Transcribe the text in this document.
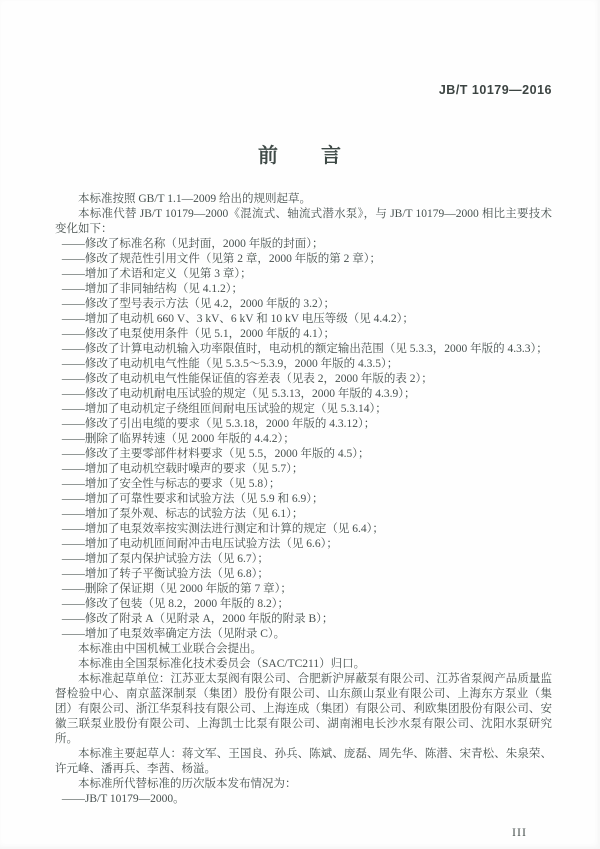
JB/T 10179—2016
前　　言

本标准按照 GB/T 1.1—2009 给出的规则起草。

本标准代替 JB/T 10179—2000《混流式、轴流式潜水泵》，与 JB/T 10179—2000 相比主要技术变化如下：

——修改了标准名称（见封面，2000 年版的封面）；

——修改了规范性引用文件（见第 2 章，2000 年版的第 2 章）；

——增加了术语和定义（见第 3 章）；

——增加了非同轴结构（见 4.1.2）；

——修改了型号表示方法（见 4.2，2000 年版的 3.2）；

——增加了电动机 660 V、3 kV、6 kV 和 10 kV 电压等级（见 4.4.2）；

——修改了电泵使用条件（见 5.1，2000 年版的 4.1）；

——修改了计算电动机输入功率限值时，电动机的额定输出范围（见 5.3.3，2000 年版的 4.3.3）；

——修改了电动机电气性能（见 5.3.5～5.3.9，2000 年版的 4.3.5）；

——修改了电动机电气性能保证值的容差表（见表 2，2000 年版的表 2）；

——修改了电动机耐电压试验的规定（见 5.3.13，2000 年版的 4.3.9）；

——增加了电动机定子绕组匝间耐电压试验的规定（见 5.3.14）；

——修改了引出电缆的要求（见 5.3.18，2000 年版的 4.3.12）；

——删除了临界转速（见 2000 年版的 4.4.2）；

——修改了主要零部件材料要求（见 5.5，2000 年版的 4.5）；

——增加了电动机空载时噪声的要求（见 5.7）；

——增加了安全性与标志的要求（见 5.8）；

——增加了可靠性要求和试验方法（见 5.9 和 6.9）；

——增加了泵外观、标志的试验方法（见 6.1）；

——增加了电泵效率按实测法进行测定和计算的规定（见 6.4）；

——增加了电动机匝间耐冲击电压试验方法（见 6.6）；

——增加了泵内保护试验方法（见 6.7）；

——增加了转子平衡试验方法（见 6.8）；

——删除了保证期（见 2000 年版的第 7 章）；

——修改了包装（见 8.2，2000 年版的 8.2）；

——修改了附录 A（见附录 A，2000 年版的附录 B）；

——增加了电泵效率确定方法（见附录 C）。

本标准由中国机械工业联合会提出。

本标准由全国泵标准化技术委员会（SAC/TC211）归口。

本标准起草单位：江苏亚太泵阀有限公司、合肥新沪屏蔽泵有限公司、江苏省泵阀产品质量监督检验中心、南京蓝深制泵（集团）股份有限公司、山东颜山泵业有限公司、上海东方泵业（集团）有限公司、浙江华泵科技有限公司、上海连成（集团）有限公司、利欧集团股份有限公司、安徽三联泵业股份有限公司、上海凯士比泵有限公司、湖南湘电长沙水泵有限公司、沈阳水泵研究所。

本标准主要起草人：蒋文军、王国良、孙兵、陈斌、庞磊、周先华、陈潜、宋青松、朱泉荣、许元峰、潘再兵、李茜、杨溢。

本标准所代替标准的历次版本发布情况为：

——JB/T 10179—2000。

III
